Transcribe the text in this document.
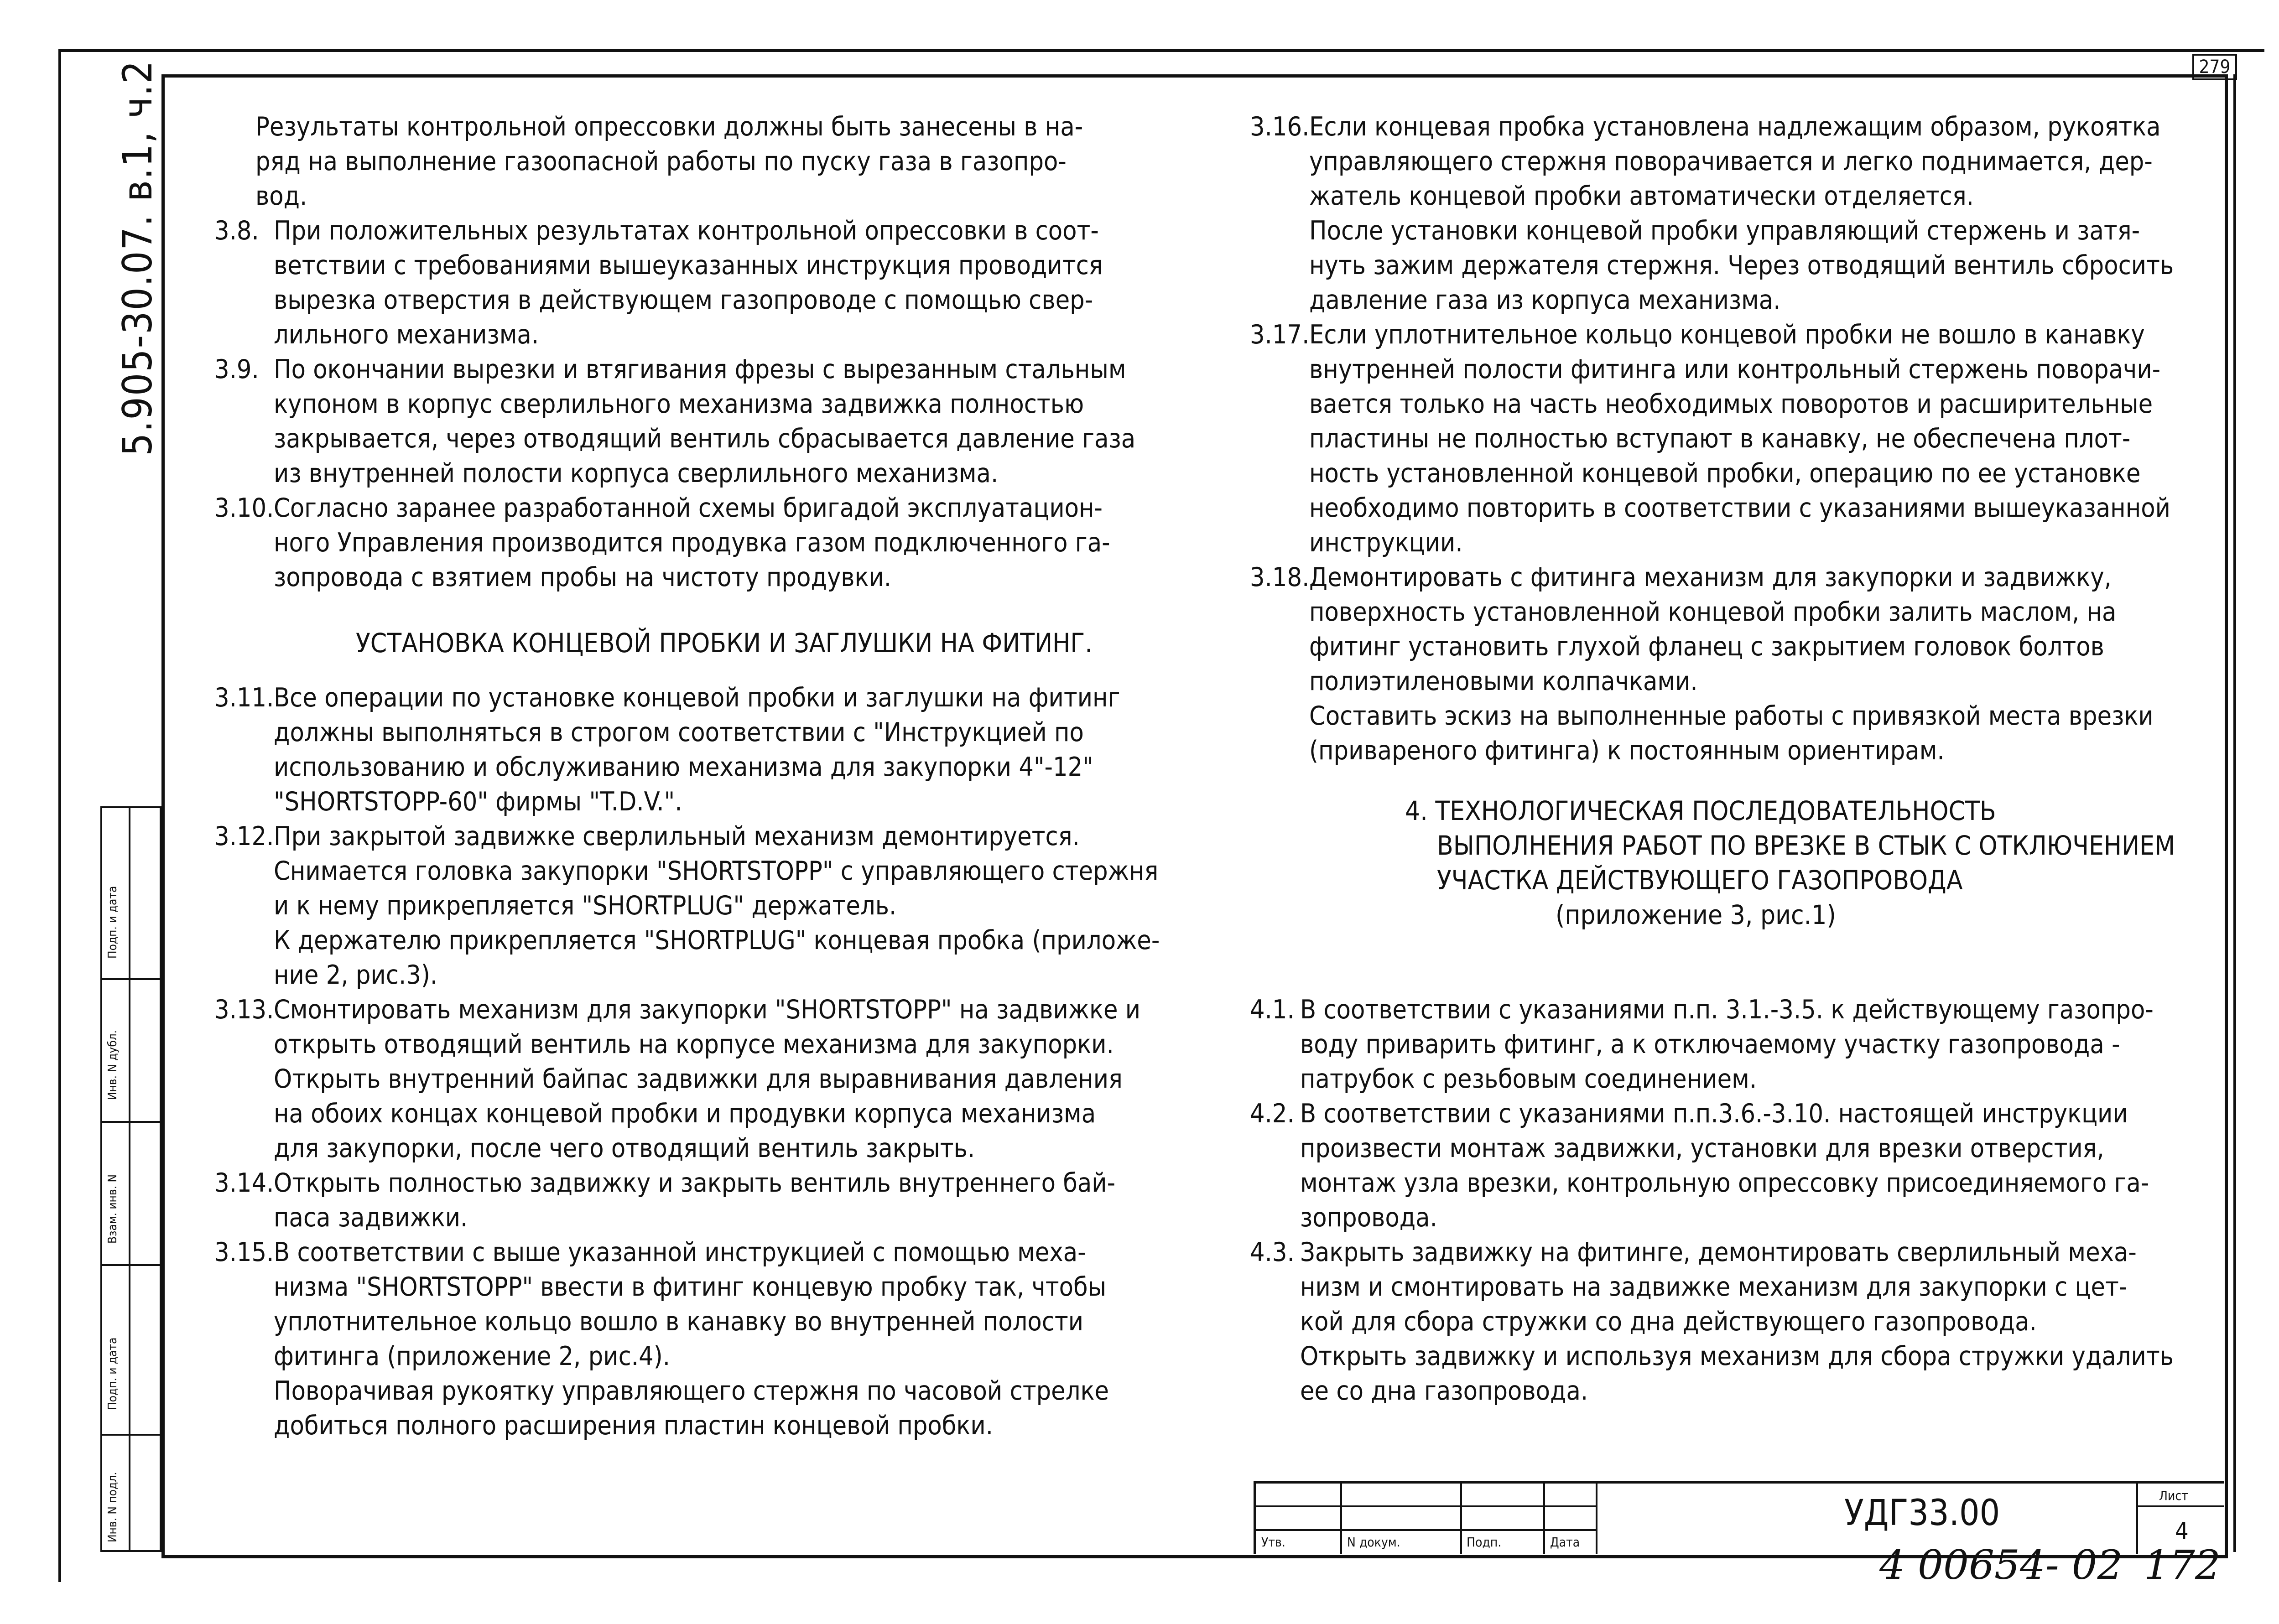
279
5.905-30.07. в.1, ч.2
Подп. и дата
Инв. N дубл.
Взам. инв. N
Подп. и дата
Инв. N подл.
Результаты контрольной опрессовки должны быть занесены в на-
ряд на выполнение газоопасной работы по пуску газа в газопро-
вод.
3.8. При положительных результатах контрольной опрессовки в соот-
ветствии с требованиями вышеуказанных инструкция проводится
вырезка отверстия в действующем газопроводе с помощью свер-
лильного механизма.
3.9. По окончании вырезки и втягивания фрезы с вырезанным стальным
купоном в корпус сверлильного механизма задвижка полностью
закрывается, через отводящий вентиль сбрасывается давление газа
из внутренней полости корпуса сверлильного механизма.
3.10. Согласно заранее разработанной схемы бригадой эксплуатацион-
ного Управления производится продувка газом подключенного га-
зопровода с взятием пробы на чистоту продувки.
УСТАНОВКА КОНЦЕВОЙ ПРОБКИ И ЗАГЛУШКИ НА ФИТИНГ.
3.11. Все операции по установке концевой пробки и заглушки на фитинг
должны выполняться в строгом соответствии с "Инструкцией по
использованию и обслуживанию механизма для закупорки 4"-12"
"SHORTSTOPP-60" фирмы "T.D.V.".
3.12. При закрытой задвижке сверлильный механизм демонтируется.
Снимается головка закупорки "SHORTSTOPP" с управляющего стержня
и к нему прикрепляется "SHORTPLUG" держатель.
К держателю прикрепляется "SHORTPLUG" концевая пробка (приложе-
ние 2, рис.3).
3.13. Смонтировать механизм для закупорки "SHORTSTOPP" на задвижке и
открыть отводящий вентиль на корпусе механизма для закупорки.
Открыть внутренний байпас задвижки для выравнивания давления
на обоих концах концевой пробки и продувки корпуса механизма
для закупорки, после чего отводящий вентиль закрыть.
3.14. Открыть полностью задвижку и закрыть вентиль внутреннего бай-
паса задвижки.
3.15. В соответствии с выше указанной инструкцией с помощью меха-
низма "SHORTSTOPP" ввести в фитинг концевую пробку так, чтобы
уплотнительное кольцо вошло в канавку во внутренней полости
фитинга (приложение 2, рис.4).
Поворачивая рукоятку управляющего стержня по часовой стрелке
добиться полного расширения пластин концевой пробки.
3.16. Если концевая пробка установлена надлежащим образом, рукоятка
управляющего стержня поворачивается и легко поднимается, дер-
жатель концевой пробки автоматически отделяется.
После установки концевой пробки управляющий стержень и затя-
нуть зажим держателя стержня. Через отводящий вентиль сбросить
давление газа из корпуса механизма.
3.17. Если уплотнительное кольцо концевой пробки не вошло в канавку
внутренней полости фитинга или контрольный стержень поворачи-
вается только на часть необходимых поворотов и расширительные
пластины не полностью вступают в канавку, не обеспечена плот-
ность установленной концевой пробки, операцию по ее установке
необходимо повторить в соответствии с указаниями вышеуказанной
инструкции.
3.18. Демонтировать с фитинга механизм для закупорки и задвижку,
поверхность установленной концевой пробки залить маслом, на
фитинг установить глухой фланец с закрытием головок болтов
полиэтиленовыми колпачками.
Составить эскиз на выполненные работы с привязкой места врезки
(привареного фитинга) к постоянным ориентирам.
4. ТЕХНОЛОГИЧЕСКАЯ ПОСЛЕДОВАТЕЛЬНОСТЬ
ВЫПОЛНЕНИЯ РАБОТ ПО ВРЕЗКЕ В СТЫК С ОТКЛЮЧЕНИЕМ
УЧАСТКА ДЕЙСТВУЮЩЕГО ГАЗОПРОВОДА
(приложение 3, рис.1)
4.1. В соответствии с указаниями п.п. 3.1.-3.5. к действующему газопро-
воду приварить фитинг, а к отключаемому участку газопровода -
патрубок с резьбовым соединением.
4.2. В соответствии с указаниями п.п.3.6.-3.10. настоящей инструкции
произвести монтаж задвижки, установки для врезки отверстия,
монтаж узла врезки, контрольную опрессовку присоединяемого га-
зопровода.
4.3. Закрыть задвижку на фитинге, демонтировать сверлильный меха-
низм и смонтировать на задвижке механизм для закупорки с цет-
кой для сбора стружки со дна действующего газопровода.
Открыть задвижку и используя механизм для сбора стружки удалить
ее со дна газопровода.
Утв.	N докум.	Подп.	Дата
УДГ33.00	Лист
4
4 00654- 02 172
